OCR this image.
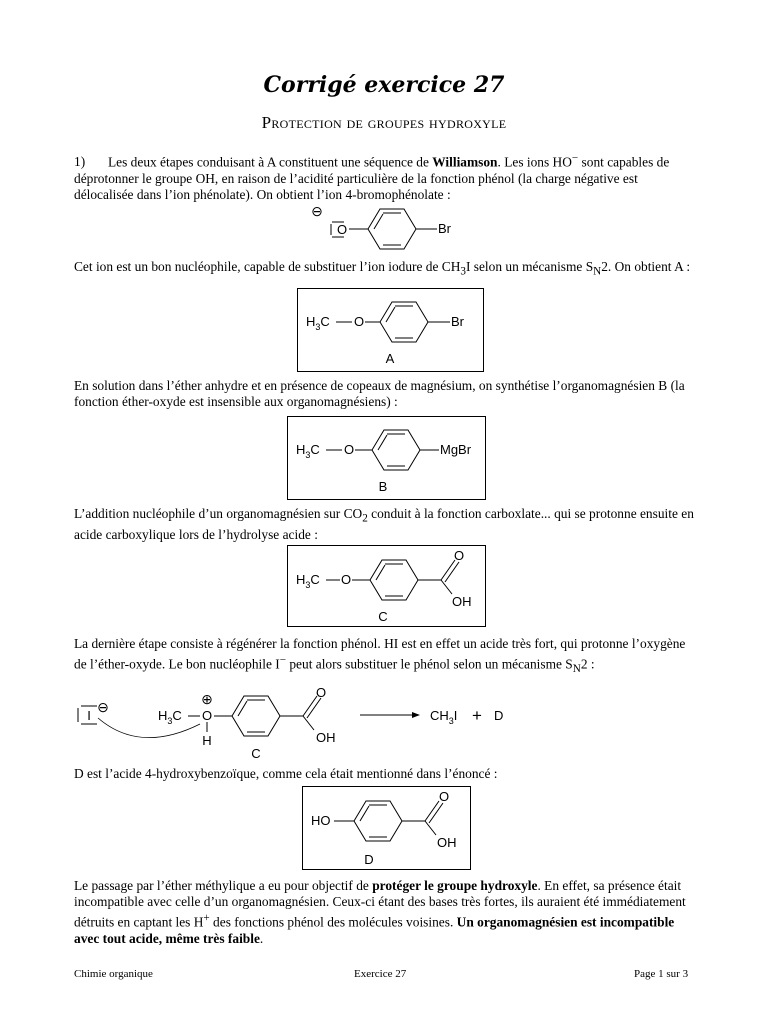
Corrigé exercice 27
Protection de groupes hydroxyle
1) Les deux étapes conduisant à A constituent une séquence de Williamson. Les ions HO− sont capables de déprotonner le groupe OH, en raison de l’acidité particulière de la fonction phénol (la charge négative est délocalisée dans l’ion phénolate). On obtient l’ion 4-bromophénolate :
⊖
O	Br
Cet ion est un bon nucléophile, capable de substituer l’ion iodure de $CH_3I$ selon un mécanisme $S_N2$. On obtient A :
$H_3C$ O	Br
A
En solution dans l’éther anhydre et en présence de copeaux de magnésium, on synthétise l’organomagnésien B (la fonction éther-oxyde est insensible aux organomagnésiens) :
$H_3C$ O	MgBr
B
L’addition nucléophile d’un organomagnésien sur $CO_2$ conduit à la fonction carboxlate... qui se protonne ensuite en acide carboxylique lors de l’hydrolyse acide :
$H_3C$ O
O
OH
C
La dernière étape consiste à régénérer la fonction phénol. HI est en effet un acide très fort, qui protonne l’oxygène de l’éther-oxyde. Le bon nucléophile I− peut alors substituer le phénol selon un mécanisme $S_N2$ :
I
⊖
$H_3C$
⊕
O
H
O
OH
C
$CH_3I + D$
D est l’acide 4-hydroxybenzoïque, comme cela était mentionné dans l’énoncé :
HO
O
OH
D
Le passage par l’éther méthylique a eu pour objectif de protéger le groupe hydroxyle. En effet, sa présence était incompatible avec celle d’un organomagnésien. Ceux-ci étant des bases très fortes, ils auraient été immédiatement détruits en captant les H+ des fonctions phénol des molécules voisines. Un organomagnésien est incompatible avec tout acide, même très faible.
Chimie organique	Exercice 27	Page 1 sur 3
